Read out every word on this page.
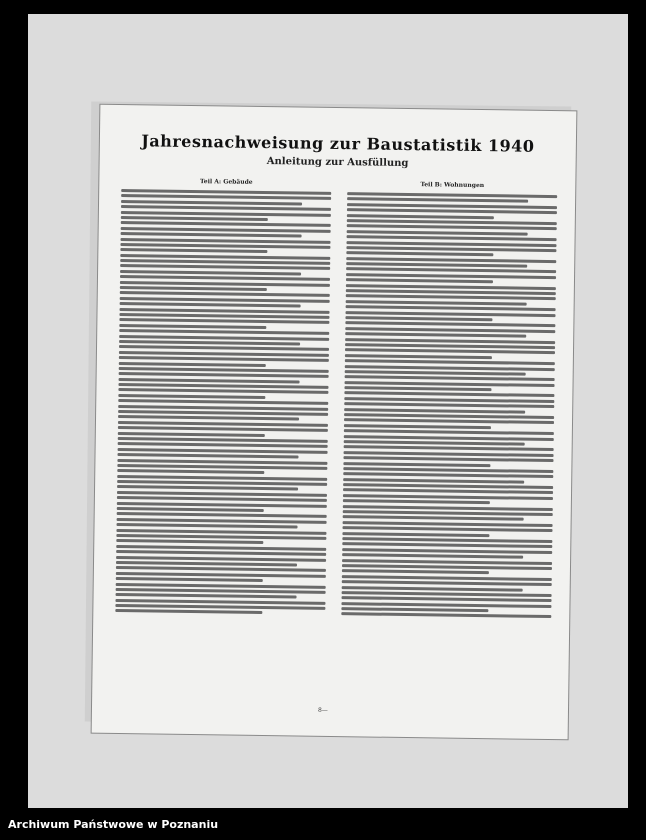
Jahresnachweisung zur Baustatistik 1940
Anleitung zur Ausfüllung
Teil A: Gebäude	Teil B: Wohnungen
8—
Archiwum Państwowe w Poznaniu
